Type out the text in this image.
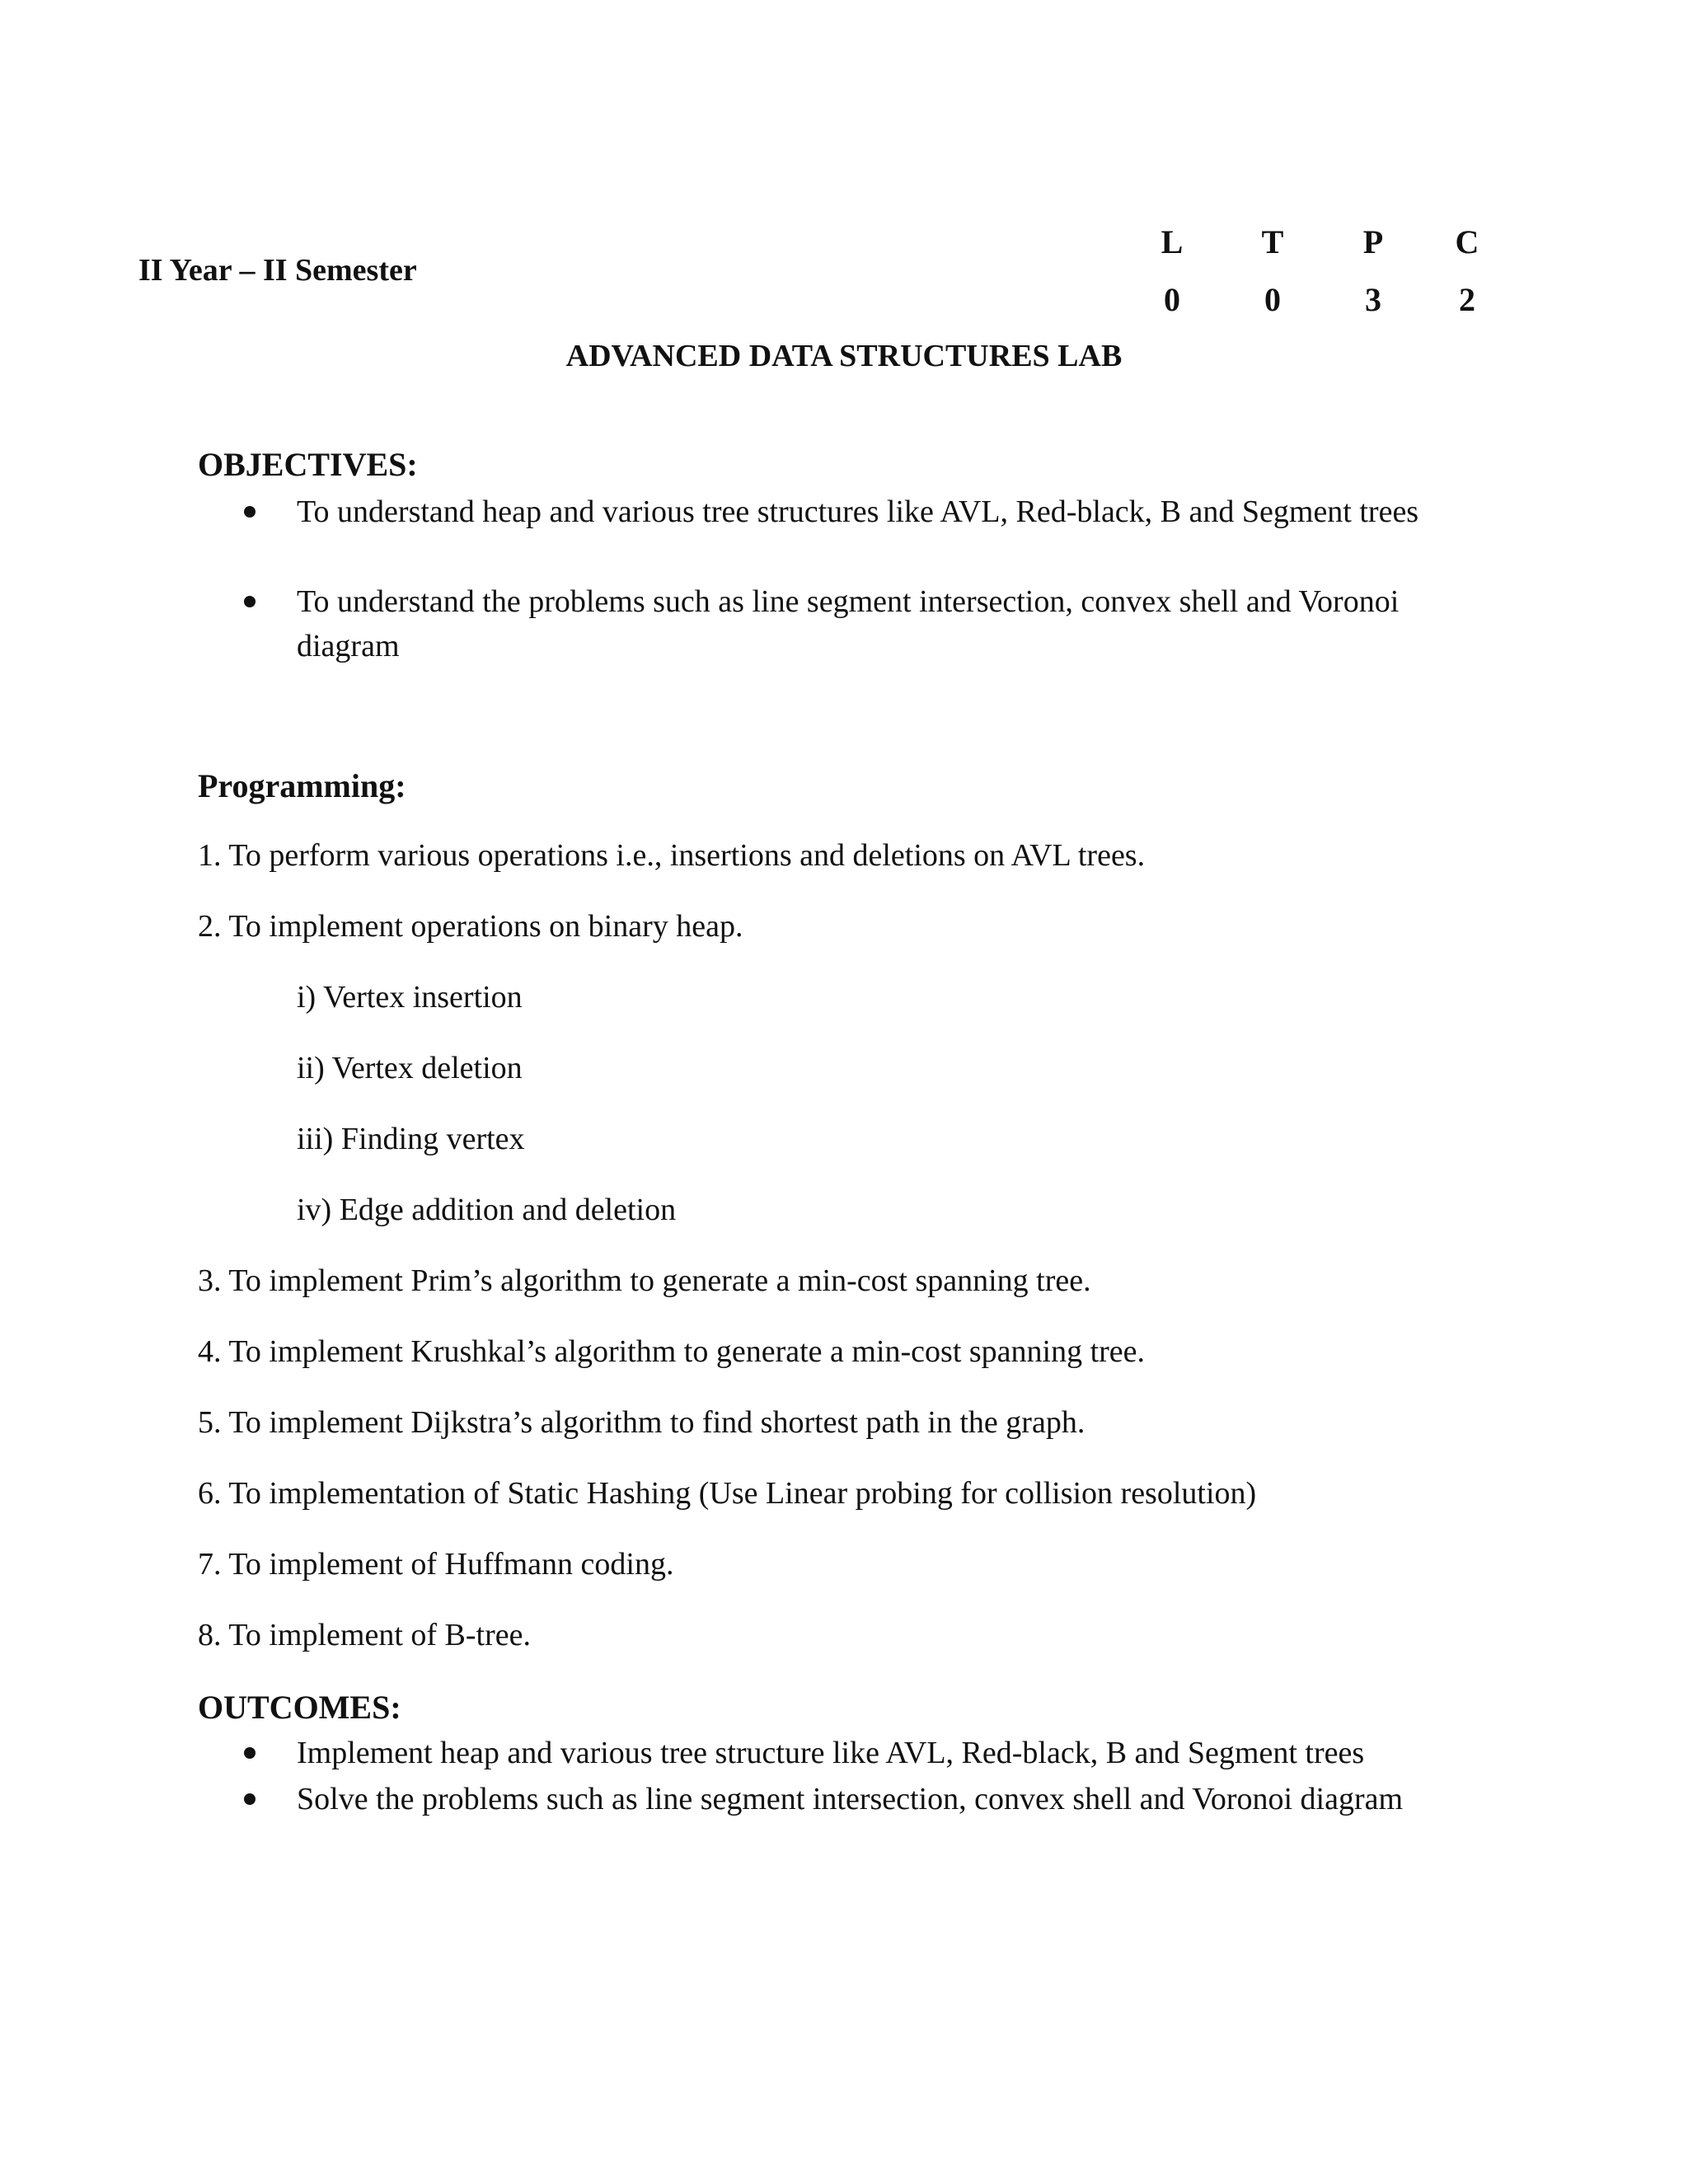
II Year – II Semester
L	T	P	C
0	0	3	2
ADVANCED DATA STRUCTURES LAB
OBJECTIVES:
To understand heap and various tree structures like AVL, Red-black, B and Segment trees
To understand the problems such as line segment intersection, convex shell and Voronoi diagram
Programming:
1. To perform various operations i.e., insertions and deletions on AVL trees.
2. To implement operations on binary heap.
i) Vertex insertion
ii) Vertex deletion
iii) Finding vertex
iv) Edge addition and deletion
3. To implement Prim’s algorithm to generate a min-cost spanning tree.
4. To implement Krushkal’s algorithm to generate a min-cost spanning tree.
5. To implement Dijkstra’s algorithm to find shortest path in the graph.
6. To implementation of Static Hashing (Use Linear probing for collision resolution)
7. To implement of Huffmann coding.
8. To implement of B-tree.
OUTCOMES:
Implement heap and various tree structure like AVL, Red-black, B and Segment trees
Solve the problems such as line segment intersection, convex shell and Voronoi diagram
